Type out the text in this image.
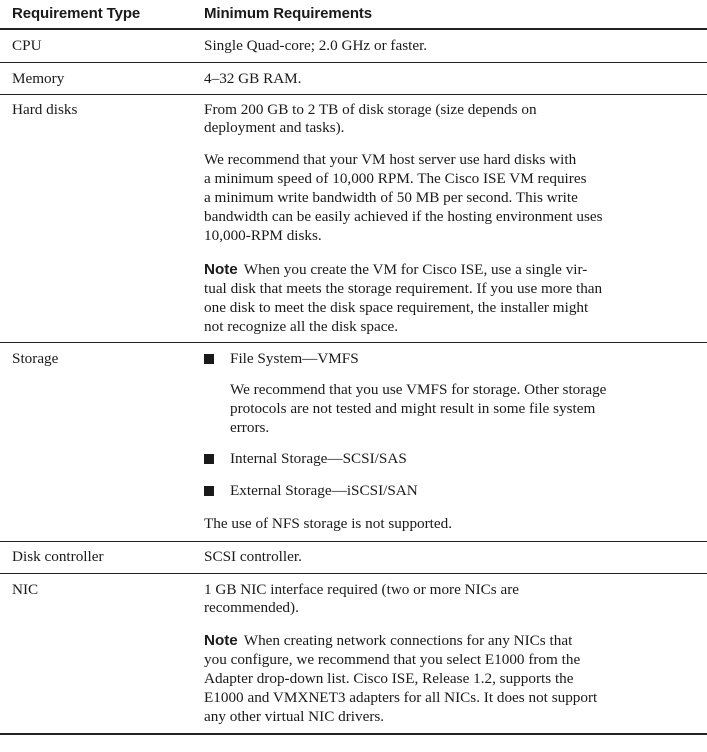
Requirement Type	Minimum Requirements
CPU	Single Quad-core; 2.0 GHz or faster.
Memory	4–32 GB RAM.
Hard disks	From 200 GB to 2 TB of disk storage (size depends on
deployment and tasks).
We recommend that your VM host server use hard disks with
a minimum speed of 10,000 RPM. The Cisco ISE VM requires
a minimum write bandwidth of 50 MB per second. This write
bandwidth can be easily achieved if the hosting environment uses
10,000-RPM disks.
Note When you create the VM for Cisco ISE, use a single vir-
tual disk that meets the storage requirement. If you use more than
one disk to meet the disk space requirement, the installer might
not recognize all the disk space.
Storage	File System—VMFS
We recommend that you use VMFS for storage. Other storage
protocols are not tested and might result in some file system
errors.
Internal Storage—SCSI/SAS
External Storage—iSCSI/SAN
The use of NFS storage is not supported.
Disk controller	SCSI controller.
NIC	1 GB NIC interface required (two or more NICs are
recommended).
Note When creating network connections for any NICs that
you configure, we recommend that you select E1000 from the
Adapter drop-down list. Cisco ISE, Release 1.2, supports the
E1000 and VMXNET3 adapters for all NICs. It does not support
any other virtual NIC drivers.
